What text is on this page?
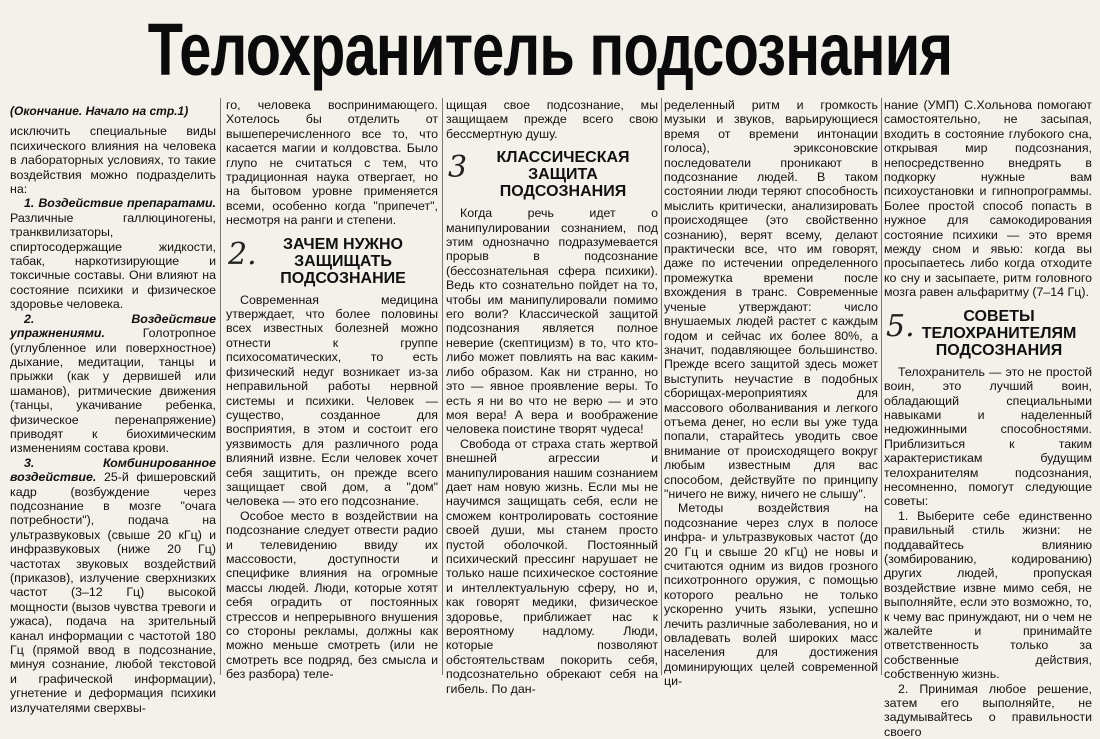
Телохранитель подсознания
(Окончание. Начало на стр.1)

исключить специальные виды психического влияния на человека в лабораторных условиях, то такие воздействия можно подразделить на:

1. Воздействие препаратами. Различные галлюциногены, транквилизаторы, спиртосодержащие жидкости, табак, наркотизирующие и токсичные составы. Они влияют на состояние психики и физическое здоровье человека.

2. Воздействие упражнениями.	Голотропное (углубленное или поверхностное) дыхание, медитации, танцы и прыжки (как у дервишей или шаманов), ритмические движения (танцы, укачивание ребенка, физическое перенапряжение) приводят к биохимическим изменениям состава крови.

3. Комбинированное воздействие. 25-й фишеровский кадр (возбуждение через подсознание в мозге "очага потребности"), подача на ультразвуковых (свыше 20 кГц) и инфразвуковых (ниже 20 Гц) частотах звуковых воздействий (приказов), излучение сверхнизких частот (3–12 Гц) высокой мощности (вызов чувства тревоги и ужаса), подача на зрительный канал информации с частотой 180 Гц (прямой ввод в подсознание, минуя сознание, любой текстовой и графической информации), угнетение и деформация психики излучателями сверхвы-

го, человека воспринимающего. Хотелось бы отделить от вышеперечисленного все то, что касается магии и колдовства. Было глупо не считаться с тем, что традиционная наука отвергает, но на бытовом уровне применяется всеми, особенно когда "припечет", несмотря на ранги и степени.

2. ЗАЧЕМ НУЖНО ЗАЩИЩАТЬ ПОДСОЗНАНИЕ

Современная медицина утверждает, что более половины всех известных болезней можно отнести к группе психосоматических, то есть физический недуг возникает из-за неправильной работы нервной системы и психики. Человек — существо, созданное для восприятия, в этом и состоит его уязвимость для различного рода влияний извне. Если человек хочет себя защитить, он прежде всего защищает свой дом, а "дом" человека — это его подсознание.

Особое место в воздействии на подсознание следует отвести радио и телевидению ввиду их массовости, доступности и специфике влияния на огромные массы людей. Люди, которые хотят себя оградить от постоянных стрессов и непрерывного внушения со стороны рекламы, должны как можно меньше смотреть (или не смотреть все подряд, без смысла и без разбора) теле-

щищая свое подсознание, мы защищаем прежде всего свою бессмертную душу.

3 КЛАССИЧЕСКАЯ ЗАЩИТА ПОДСОЗНАНИЯ

Когда речь идет о манипулировании сознанием, под этим однозначно подразумевается прорыв в подсознание (бессознательная сфера психики). Ведь кто сознательно пойдет на то, чтобы им манипулировали помимо его воли? Классической защитой подсознания является полное неверие (скептицизм) в то, что кто-либо может повлиять на вас каким-либо образом. Как ни странно, но это — явное проявление веры. То есть я ни во что не верю — и это моя вера! А вера и воображение человека поистине творят чудеса!

Свобода от страха стать жертвой внешней агрессии и манипулирования нашим сознанием дает нам новую жизнь. Если мы не научимся защищать себя, если не сможем контролировать состояние своей души, мы станем просто пустой оболочкой. Постоянный психический прессинг нарушает не только наше психическое состояние и интеллектуальную сферу, но и, как говорят медики, физическое здоровье, приближает нас к вероятному надлому. Люди, которые позволяют обстоятельствам покорить себя, подсознательно обрекают себя на гибель. По дан-

ределенный ритм и громкость музыки и звуков, варьирующиеся время от времени интонации голоса), эриксоновские последователи проникают в подсознание людей. В таком состоянии люди теряют способность мыслить критически, анализировать происходящее (это свойственно сознанию), верят всему, делают практически все, что им говорят, даже по истечении определенного промежутка времени после вхождения в транс. Современные ученые утверждают: число внушаемых людей растет с каждым годом и сейчас их более 80%, а значит, подавляющее большинство. Прежде всего защитой здесь может выступить неучастие в подобных сборищах-мероприятиях для массового оболванивания и легкого отъема денег, но если вы уже туда попали, старайтесь уводить свое внимание от происходящего вокруг любым известным для вас способом, действуйте по принципу "ничего не вижу, ничего не слышу".

Методы воздействия на подсознание через слух в полосе инфра- и ультразвуковых частот (до 20 Гц и свыше 20 кГц) не новы и считаются одним из видов грозного психотронного оружия, с помощью которого реально не только ускоренно учить языки, успешно лечить различные заболевания, но и овладевать волей широких масс населения для достижения доминирующих целей современной ци-

нание (УМП) С.Хольнова помогают самостоятельно, не засыпая, входить в состояние глубокого сна, открывая мир подсознания, непосредственно внедрять в подкорку нужные вам психоустановки и гипнопрограммы. Более простой способ попасть в нужное для самокодирования состояние психики — это время между сном и явью: когда вы просыпаетесь либо когда отходите ко сну и засыпаете, ритм головного мозга равен альфаритму (7–14 Гц).

5.	СОВЕТЫ ТЕЛОХРАНИТЕЛЯМ ПОДСОЗНАНИЯ

Телохранитель — это не простой воин, это лучший воин, обладающий специальными навыками и наделенный недюжинными способностями. Приблизиться к таким характеристикам будущим телохранителям подсознания, несомненно, помогут следующие советы:

1. Выберите себе единственно правильный стиль жизни: не поддавайтесь влиянию (зомбированию, кодированию) других людей, пропуская воздействие извне мимо себя, не выполняйте, если это возможно, то, к чему вас принуждают, ни о чем не жалейте и принимайте ответственность только за собственные действия, собственную жизнь.

2. Принимая любое решение, затем его выполняйте, не задумывайтесь о правильности своего
